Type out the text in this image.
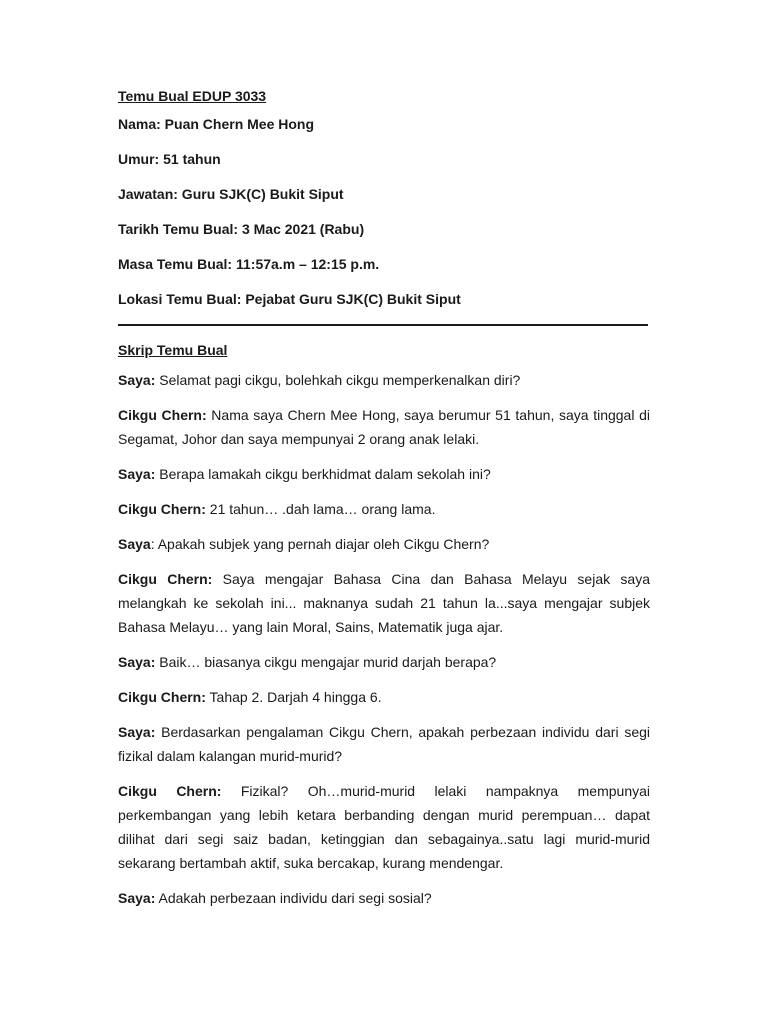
Temu Bual EDUP 3033
Nama: Puan Chern Mee Hong
Umur: 51 tahun
Jawatan: Guru SJK(C) Bukit Siput
Tarikh Temu Bual: 3 Mac 2021 (Rabu)
Masa Temu Bual: 11:57a.m – 12:15 p.m.
Lokasi Temu Bual: Pejabat Guru SJK(C) Bukit Siput
Skrip Temu Bual
Saya: Selamat pagi cikgu, bolehkah cikgu memperkenalkan diri?
Cikgu Chern: Nama saya Chern Mee Hong, saya berumur 51 tahun, saya tinggal di Segamat, Johor dan saya mempunyai 2 orang anak lelaki.
Saya: Berapa lamakah cikgu berkhidmat dalam sekolah ini?
Cikgu Chern: 21 tahun… .dah lama… orang lama.
Saya: Apakah subjek yang pernah diajar oleh Cikgu Chern?
Cikgu Chern: Saya mengajar Bahasa Cina dan Bahasa Melayu sejak saya melangkah ke sekolah ini... maknanya sudah 21 tahun la...saya mengajar subjek Bahasa Melayu… yang lain Moral, Sains, Matematik juga ajar.
Saya: Baik… biasanya cikgu mengajar murid darjah berapa?
Cikgu Chern: Tahap 2. Darjah 4 hingga 6.
Saya: Berdasarkan pengalaman Cikgu Chern, apakah perbezaan individu dari segi fizikal dalam kalangan murid-murid?
Cikgu Chern: Fizikal? Oh…murid-murid lelaki nampaknya mempunyai perkembangan yang lebih ketara berbanding dengan murid perempuan… dapat dilihat dari segi saiz badan, ketinggian dan sebagainya..satu lagi murid-murid sekarang bertambah aktif, suka bercakap, kurang mendengar.
Saya: Adakah perbezaan individu dari segi sosial?
